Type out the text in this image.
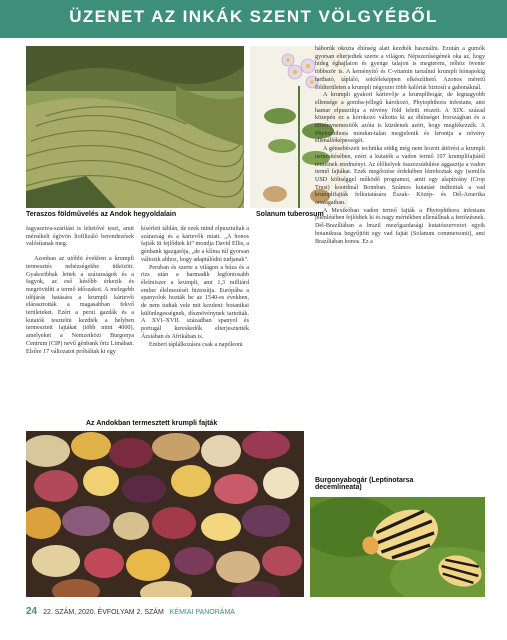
ÜZENET AZ INKÁK SZENT VÖLGYÉBŐL
Teraszos földművelés az Andok hegyoldalain	Solanum tuberosum

fagyasztva-szárítást is lehetővé teszi, amit mérsékelt égövön liofilizáló berendezések valósítanak meg.

Azonban az utóbbi években a krumpli termesztés nehézségekbe ütközött. Gyakoribbak lettek a szárazságok és a fagyok, az eső később érkezik és megrövidíti a termő időszakot. A melegebb időjárás hatására a krumpli kártevői elárasztották a magasabban fekvő területeket. Ezért a perui gazdák és a kutatók tesztelni kezdték a helyben termesztett fajtákat (több mint 4000), amelyeket a Nemzetközi Burgonya Centrum (CIP) nevű génbank őriz Limában. Elsőre 17 változatot próbáltak ki egy

kísérleti táblán, de ezek mind elpusztultak a szárazság és a kártevők miatt. „A honos fajták itt fejlődtek ki” mondja David Ellis, a génbank igazgatója, „de a klíma túl gyorsan változik ahhoz, hogy adaptálódni tudjanak”.

Peruban és szerte a világon a búza és a rizs után a harmadik legfontosabb élelmiszer a krumpli, ami 1,3 milliárd ember élelmezését biztosítja. Európába a spanyolok hozták be az 1540-es években, de nem tudtak vele mit kezdeni: botanikai különlegességnek, dísznövénynek tartották. A XVI–XVII. században spanyol és portugál kereskedők elterjesztették Ázsiában és Afrikában is.

Emberi táplálkozásra csak a napóleoni

Az Andokban termesztett krumpli fajták

háborúk okozta éhínség alatt kezdték használni. Ezután a gumók gyorsan elterjedtek szerte a világon. Népszerűségének oka az, hogy hideg éghajlaton és gyenge talajon is megterem, nőhöz övente többször is. A keményítő és C-vitamin tartalmú krumpli hónapokig tartható, tápláló, sokféleképpen elkészíthető. Azonos méretű földterületen a krumpli négyszer több kalóriát biztosít a gabonáknál.

A krumpli gyakori kártevője a krumplibogár, de legnagyobb ellensége a gomba-jellegű károkozó, Phytophthora infestans, ami hamar elpusztítja a növény föld feletti részeit. A XIX. század közepén ez a kórokozó váltotta ki az éhínséget Írországban és a növénynemesítők azóta is küzdenek azért, hogy megfékezzék. A Phytophthora mindun-talan megjelenik és lerontja a növény ellenállóképességét.

A génsebészeti technika eddig még nem hozott áttörést a krumpli nemesítésében, ezért a kutatók a vadon termő 107 krumplifajtától remélnek eredményt. Az élőhelyek összezsúdulése aggasztja a vadon termő fajtákat. Ezek megőrzése érdekében létrehoztak egy (somlős USD költséggel működő programot, amit egy alapítvány (Crop Trust) koordinál Bonnban. Számos kutatást indítottak a vad krumplifajták felkutatására Észak- Közép- és Dél-Amerika országaiban.

A Mexikóban vadon termő fajták a Phytophthora infestans jelenlétében fejlődtek ki és nagy mértékben ellenállnak a fertőzésnek. Dél-Brazíliában a brazil mezőgazdasági kutatószervezet egyik botanikusa begyűjtött egy vad fajtát (Solanum commersonii), ami Brazíliában honos. Ez a

Burgonyabogár (Leptinotarsa
decemlineata)
24 22. SZÁM, 2020. ÉVFOLYAM 2. SZÁM KÉMIAI PANORÁMA
